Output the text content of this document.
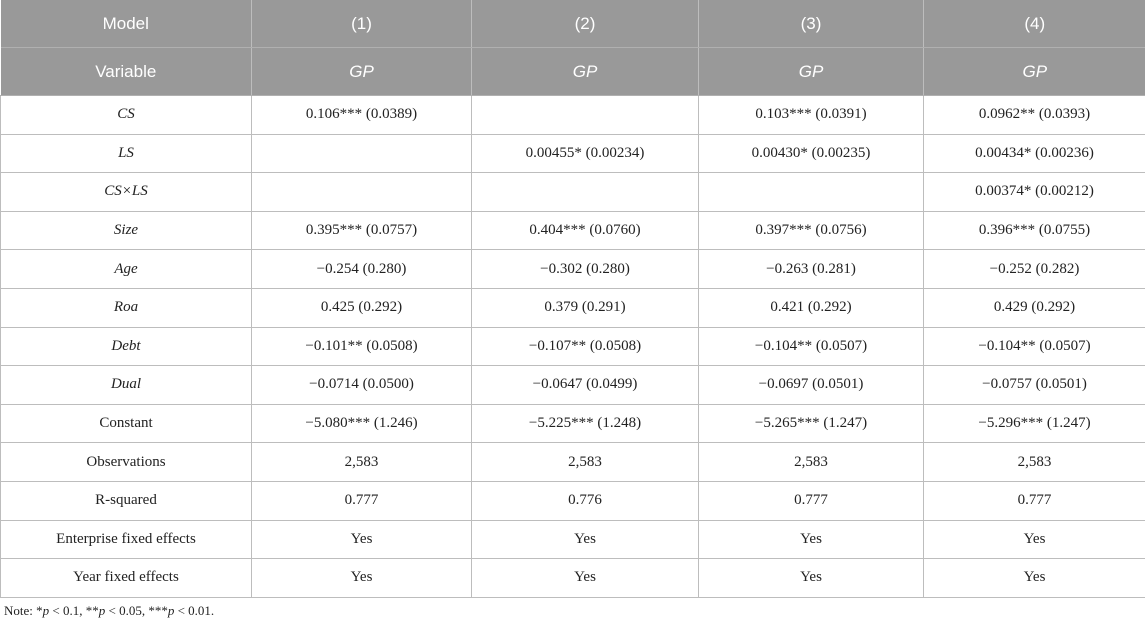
Model	(1)	(2)	(3)	(4)
Variable	GP	GP	GP	GP
CS	0.106*** (0.0389)		0.103*** (0.0391)	0.0962** (0.0393)
LS		0.00455* (0.00234)	0.00430* (0.00235)	0.00434* (0.00236)
CS×LS				0.00374* (0.00212)
Size	0.395*** (0.0757)	0.404*** (0.0760)	0.397*** (0.0756)	0.396*** (0.0755)
Age	−0.254 (0.280)	−0.302 (0.280)	−0.263 (0.281)	−0.252 (0.282)
Roa	0.425 (0.292)	0.379 (0.291)	0.421 (0.292)	0.429 (0.292)
Debt	−0.101** (0.0508)	−0.107** (0.0508)	−0.104** (0.0507)	−0.104** (0.0507)
Dual	−0.0714 (0.0500)	−0.0647 (0.0499)	−0.0697 (0.0501)	−0.0757 (0.0501)
Constant	−5.080*** (1.246)	−5.225*** (1.248)	−5.265*** (1.247)	−5.296*** (1.247)
Observations	2,583	2,583	2,583	2,583
R-squared	0.777	0.776	0.777	0.777
Enterprise fixed effects	Yes	Yes	Yes	Yes
Year fixed effects	Yes	Yes	Yes	Yes
Note: *p < 0.1, **p < 0.05, ***p < 0.01.
